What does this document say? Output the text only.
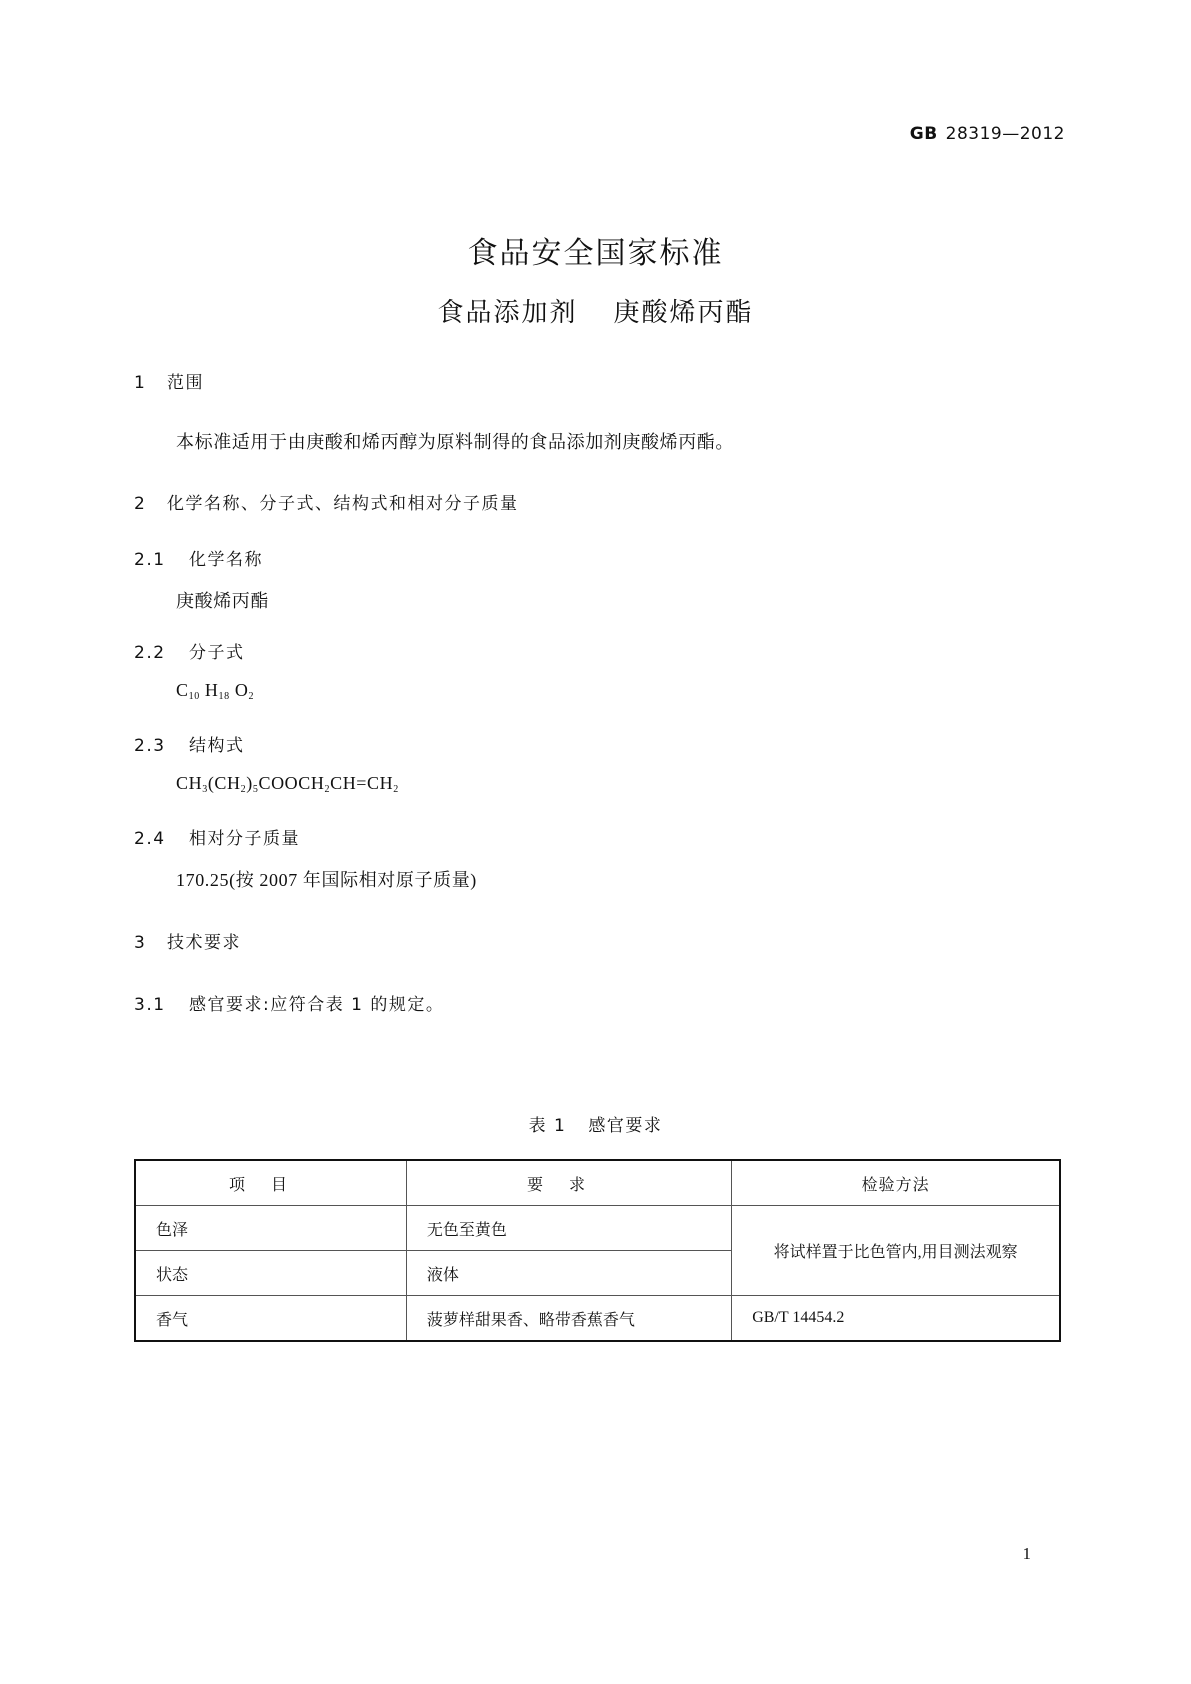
GB 28319—2012
食品安全国家标准
食品添加剂 庚酸烯丙酯
1 范围
本标准适用于由庚酸和烯丙醇为原料制得的食品添加剂庚酸烯丙酯。
2 化学名称、分子式、结构式和相对分子质量
2.1 化学名称
庚酸烯丙酯
2.2 分子式
$C_{10}$ $H_{18}$ $O_2$
2.3 结构式
$CH_3(CH_2)_5COOCH_2CH=CH_2$
2.4 相对分子质量
170.25(按 2007 年国际相对原子质量)
3 技术要求
3.1 感官要求:应符合表 1 的规定。
表 1 感官要求
项目	要求	检验方法
色泽	无色至黄色	将试样置于比色管内,用目测法观察
状态	液体	
香气	菠萝样甜果香、略带香蕉香气	GB/T 14454.2
1
